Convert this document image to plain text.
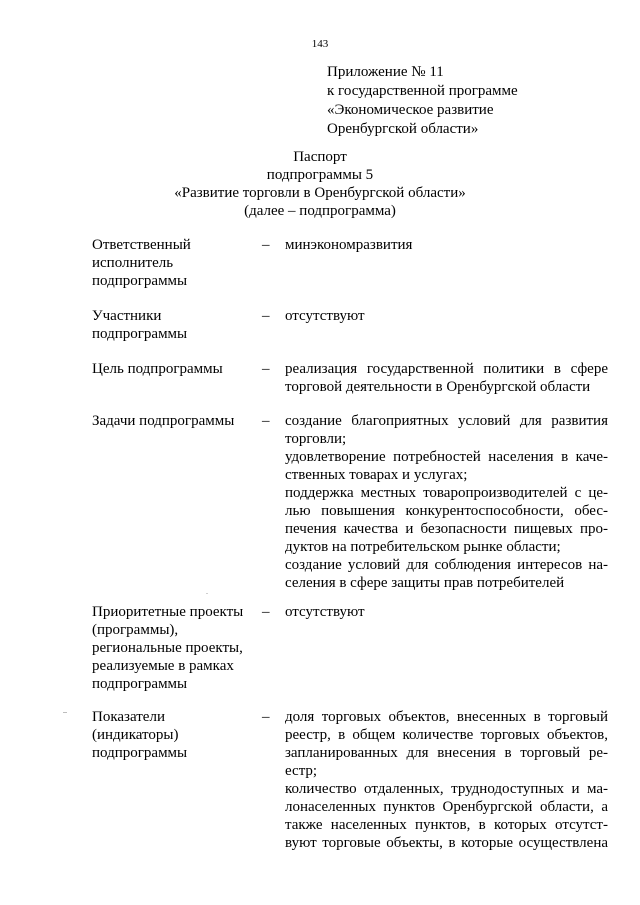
143
Приложение № 11
к государственной программе
«Экономическое развитие
Оренбургской области»
Паспорт
подпрограммы 5
«Развитие торговли в Оренбургской области»
(далее – подпрограмма)
Ответственный
исполнитель
подпрограммы
– минэкономразвития
Участники
подпрограммы
– отсутствуют
Цель подпрограммы	– реализация государственной политики в сфере
торговой деятельности в Оренбургской области
Задачи подпрограммы	– создание благоприятных условий для развития
торговли;
удовлетворение потребностей населения в каче-
ственных товарах и услугах;
поддержка местных товаропроизводителей с це-
лью повышения конкурентоспособности, обес-
печения качества и безопасности пищевых про-
дуктов на потребительском рынке области;
создание условий для соблюдения интересов на-
селения в сфере защиты прав потребителей
Приоритетные проекты
(программы),
региональные проекты,
реализуемые в рамках
подпрограммы
– отсутствуют
Показатели
(индикаторы)
подпрограммы
– доля торговых объектов, внесенных в торговый
реестр, в общем количестве торговых объектов,
запланированных для внесения в торговый ре-
естр;
количество отдаленных, труднодоступных и ма-
лонаселенных пунктов Оренбургской области, а
также населенных пунктов, в которых отсутст-
вуют торговые объекты, в которые осуществлена
